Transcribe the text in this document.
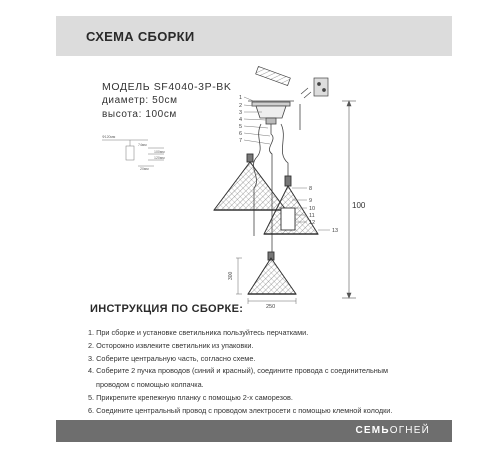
СХЕМА СБОРКИ
МОДЕЛЬ SF4040-3P-BK
диаметр: 50см
высота: 100см
1
2
3
4
5
6
7
8
9
10
11
12
13
100
300
250
Ф120мм
74мм
100мм
120мм
20мм
ИНСТРУКЦИЯ ПО СБОРКЕ:
1. При сборке и установке светильника пользуйтесь перчатками.
2. Осторожно извлеките светильник из упаковки.
3. Соберите центральную часть, согласно схеме.
4. Соберите 2 пучка проводов (синий и красный), соедините провода с соединительным
проводом с помощью колпачка.
5. Прикрепите крепежную планку с помощью 2-х саморезов.
6. Соедините центральный провод с проводом электросети с помощью клемной колодки.
СЕМЬОГНЕЙ
